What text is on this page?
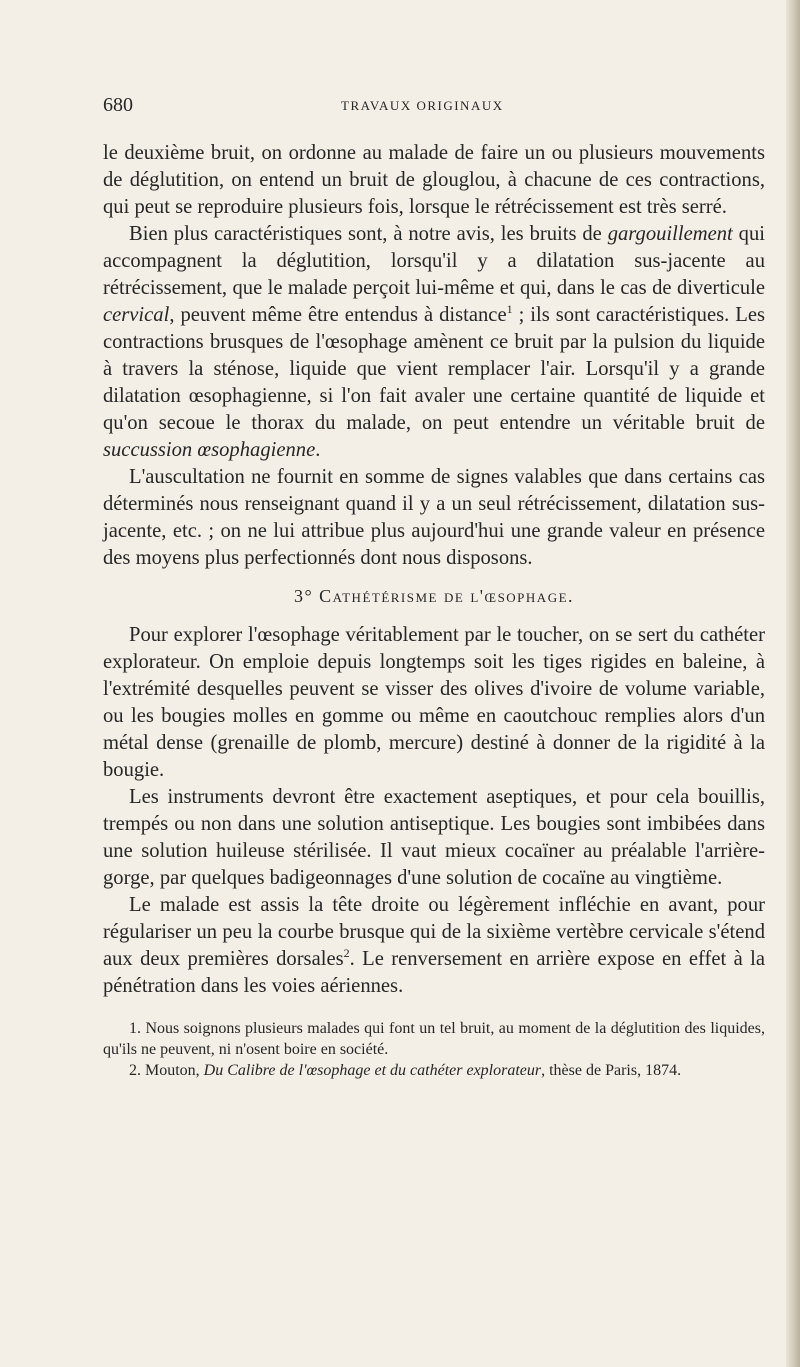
680	TRAVAUX ORIGINAUX

le deuxième bruit, on ordonne au malade de faire un ou plusieurs mouvements de déglutition, on entend un bruit de glouglou, à chacune de ces contractions, qui peut se reproduire plusieurs fois, lorsque le rétrécissement est très serré.

Bien plus caractéristiques sont, à notre avis, les bruits de gargouillement qui accompagnent la déglutition, lorsqu'il y a dilatation sus-jacente au rétrécissement, que le malade perçoit lui-même et qui, dans le cas de diverticule cervical, peuvent même être entendus à distance$^1$ ; ils sont caractéristiques. Les contractions brusques de l'œsophage amènent ce bruit par la pulsion du liquide à travers la sténose, liquide que vient remplacer l'air. Lorsqu'il y a grande dilatation œsophagienne, si l'on fait avaler une certaine quantité de liquide et qu'on secoue le thorax du malade, on peut entendre un véritable bruit de succussion œsophagienne.

L'auscultation ne fournit en somme de signes valables que dans certains cas déterminés nous renseignant quand il y a un seul rétrécissement, dilatation sus-jacente, etc. ; on ne lui attribue plus aujourd'hui une grande valeur en présence des moyens plus perfectionnés dont nous disposons.

3° Cathétérisme de l'œsophage.

Pour explorer l'œsophage véritablement par le toucher, on se sert du cathéter explorateur. On emploie depuis longtemps soit les tiges rigides en baleine, à l'extrémité desquelles peuvent se visser des olives d'ivoire de volume variable, ou les bougies molles en gomme ou même en caoutchouc remplies alors d'un métal dense (grenaille de plomb, mercure) destiné à donner de la rigidité à la bougie.

Les instruments devront être exactement aseptiques, et pour cela bouillis, trempés ou non dans une solution antiseptique. Les bougies sont imbibées dans une solution huileuse stérilisée. Il vaut mieux cocaïner au préalable l'arrière-gorge, par quelques badigeonnages d'une solution de cocaïne au vingtième.

Le malade est assis la tête droite ou légèrement infléchie en avant, pour régulariser un peu la courbe brusque qui de la sixième vertèbre cervicale s'étend aux deux premières dorsales$^2$. Le renversement en arrière expose en effet à la pénétration dans les voies aériennes.

1. Nous soignons plusieurs malades qui font un tel bruit, au moment de la déglutition des liquides, qu'ils ne peuvent, ni n'osent boire en société.

2. Mouton, Du Calibre de l'œsophage et du cathéter explorateur, thèse de Paris, 1874.
